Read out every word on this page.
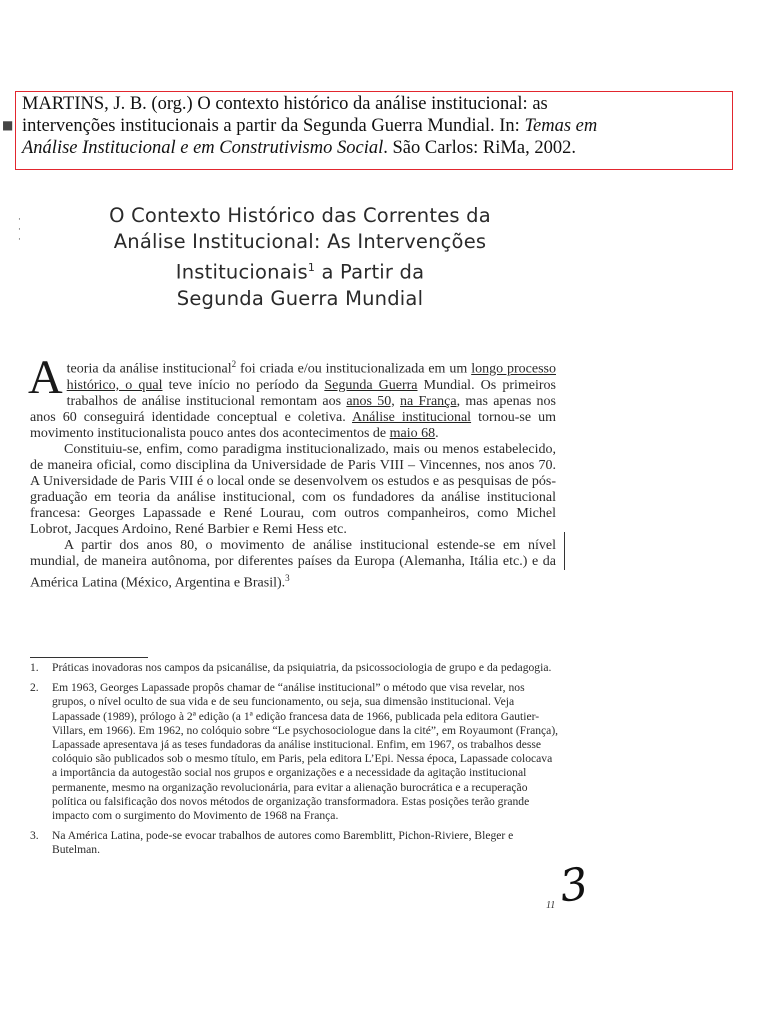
MARTINS, J. B. (org.) O contexto histórico da análise institucional: as
intervenções institucionais a partir da Segunda Guerra Mundial. In: Temas em
Análise Institucional e em Construtivismo Social. São Carlos: RiMa, 2002.
■
·
·
·
O Contexto Histórico das Correntes da
Análise Institucional: As Intervenções
Institucionais$^1$ a Partir da
Segunda Guerra Mundial

A teoria da análise institucional$^2$ foi criada e/ou institucionalizada em um longo processo histórico, o qual teve início no período da Segunda Guerra Mundial. Os primeiros trabalhos de análise institucional remontam aos anos 50, na França, mas apenas nos anos 60 conseguirá identidade conceptual e coletiva. Análise institucional tornou-se um movimento institucionalista pouco antes dos acontecimentos de maio 68.

Constituiu-se, enfim, como paradigma institucionalizado, mais ou menos estabelecido, de maneira oficial, como disciplina da Universidade de Paris VIII – Vincennes, nos anos 70. A Universidade de Paris VIII é o local onde se desenvolvem os estudos e as pesquisas de pós-graduação em teoria da análise institucional, com os fundadores da análise institucional francesa: Georges Lapassade e René Lourau, com outros companheiros, como Michel Lobrot, Jacques Ardoino, René Barbier e Remi Hess etc.

A partir dos anos 80, o movimento de análise institucional estende-se em nível mundial, de maneira autônoma, por diferentes países da Europa (Alemanha, Itália etc.) e da América Latina (México, Argentina e Brasil).$^3$

1.	Práticas inovadoras nos campos da psicanálise, da psiquiatria, da psicossociologia de grupo e da pedagogia.
2.	Em 1963, Georges Lapassade propôs chamar de “análise institucional” o método que visa revelar, nos grupos, o nível oculto de sua vida e de seu funcionamento, ou seja, sua dimensão institucional. Veja Lapassade (1989), prólogo à 2ª edição (a 1ª edição francesa data de 1966, publicada pela editora Gautier-Villars, em 1966). Em 1962, no colóquio sobre “Le psychosociologue dans la cité”, em Royaumont (França), Lapassade apresentava já as teses fundadoras da análise institucional. Enfim, em 1967, os trabalhos desse colóquio são publicados sob o mesmo título, em Paris, pela editora L’Epi. Nessa época, Lapassade colocava a importância da autogestão social nos grupos e organizações e a necessidade da agitação institucional permanente, mesmo na organização revolucionária, para evitar a alienação burocrática e a recuperação política ou falsificação dos novos métodos de organização transformadora. Estas posições terão grande impacto com o surgimento do Movimento de 1968 na França.
3.	Na América Latina, pode-se evocar trabalhos de autores como Baremblitt, Pichon-Riviere, Bleger e Butelman.
3
11
